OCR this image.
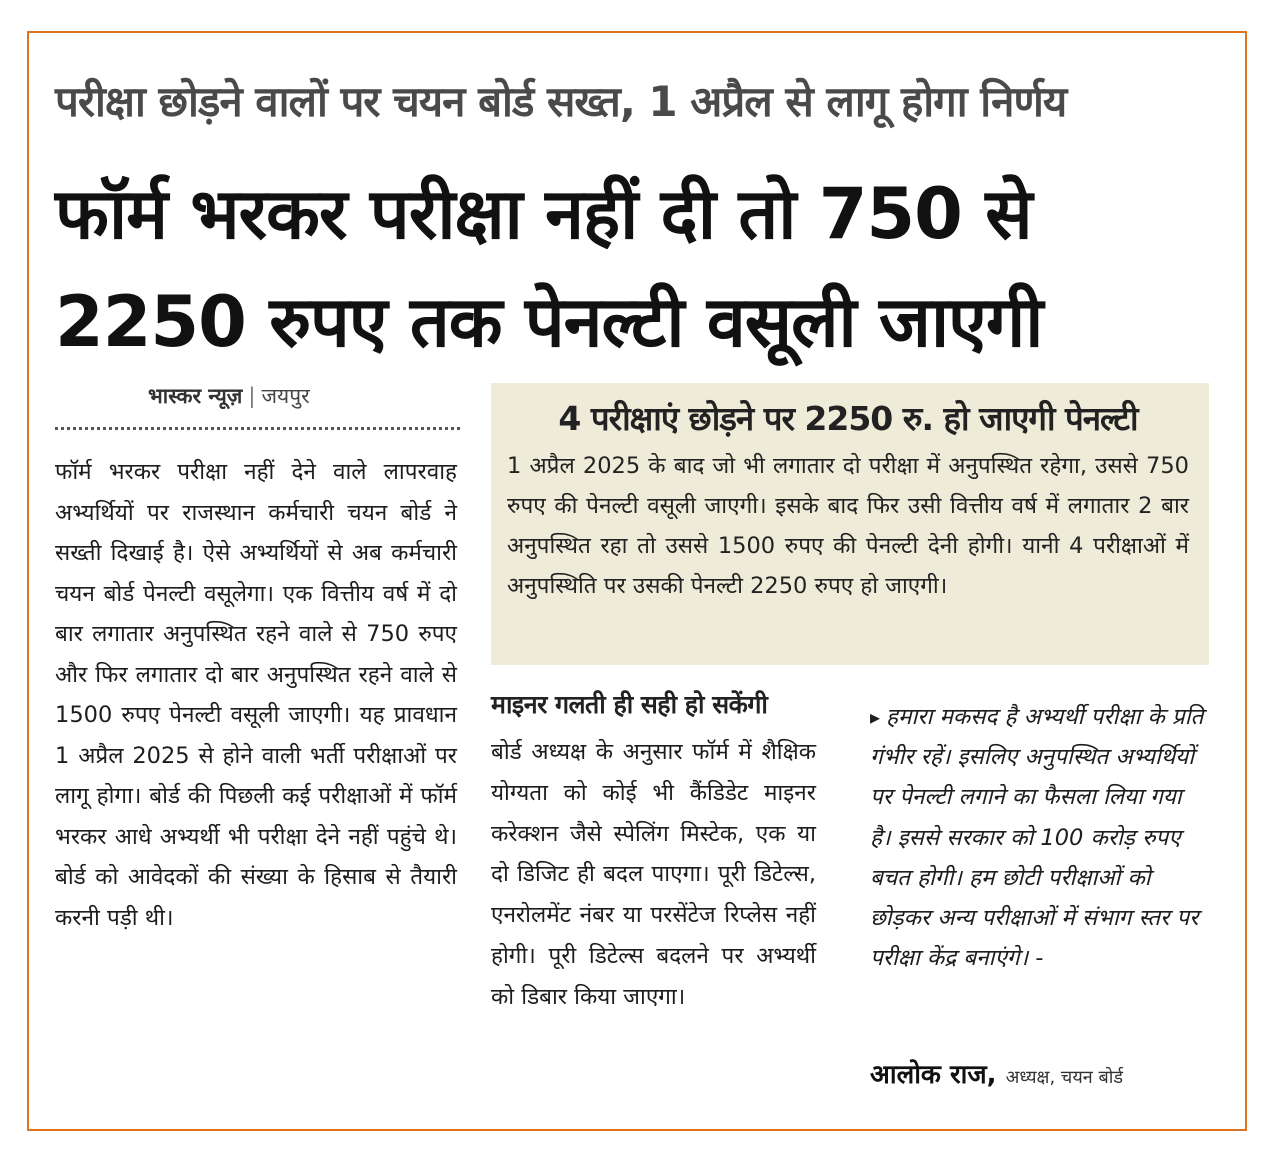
परीक्षा छोड़ने वालों पर चयन बोर्ड सख्त, 1 अप्रैल से लागू होगा निर्णय
फॉर्म भरकर परीक्षा नहीं दी तो 750 से 2250 रुपए तक पेनल्टी वसूली जाएगी
भास्कर न्यूज़ | जयपुर
फॉर्म भरकर परीक्षा नहीं देने वाले लापरवाह अभ्यर्थियों पर राजस्थान कर्मचारी चयन बोर्ड ने सख्ती दिखाई है। ऐसे अभ्यर्थियों से अब कर्मचारी चयन बोर्ड पेनल्टी वसूलेगा। एक वित्तीय वर्ष में दो बार लगातार अनुपस्थित रहने वाले से 750 रुपए और फिर लगातार दो बार अनुपस्थित रहने वाले से 1500 रुपए पेनल्टी वसूली जाएगी। यह प्रावधान 1 अप्रैल 2025 से होने वाली भर्ती परीक्षाओं पर लागू होगा। बोर्ड की पिछली कई परीक्षाओं में फॉर्म भरकर आधे अभ्यर्थी भी परीक्षा देने नहीं पहुंचे थे। बोर्ड को आवेदकों की संख्या के हिसाब से तैयारी करनी पड़ी थी।
4 परीक्षाएं छोड़ने पर 2250 रु. हो जाएगी पेनल्टी
1 अप्रैल 2025 के बाद जो भी लगातार दो परीक्षा में अनुपस्थित रहेगा, उससे 750 रुपए की पेनल्टी वसूली जाएगी। इसके बाद फिर उसी वित्तीय वर्ष में लगातार 2 बार अनुपस्थित रहा तो उससे 1500 रुपए की पेनल्टी देनी होगी। यानी 4 परीक्षाओं में अनुपस्थिति पर उसकी पेनल्टी 2250 रुपए हो जाएगी।
माइनर गलती ही सही हो सकेंगी
बोर्ड अध्यक्ष के अनुसार फॉर्म में शैक्षिक योग्यता को कोई भी कैंडिडेट माइनर करेक्शन जैसे स्पेलिंग मिस्टेक, एक या दो डिजिट ही बदल पाएगा। पूरी डिटेल्स, एनरोलमेंट नंबर या परसेंटेज रिप्लेस नहीं होगी। पूरी डिटेल्स बदलने पर अभ्यर्थी को डिबार किया जाएगा।
▸ हमारा मकसद है अभ्यर्थी परीक्षा के प्रति गंभीर रहें। इसलिए अनुपस्थित अभ्यर्थियों पर पेनल्टी लगाने का फैसला लिया गया है। इससे सरकार को 100 करोड़ रुपए बचत होगी। हम छोटी परीक्षाओं को छोड़कर अन्य परीक्षाओं में संभाग स्तर पर परीक्षा केंद्र बनाएंगे। -
आलोक राज, अध्यक्ष, चयन बोर्ड
